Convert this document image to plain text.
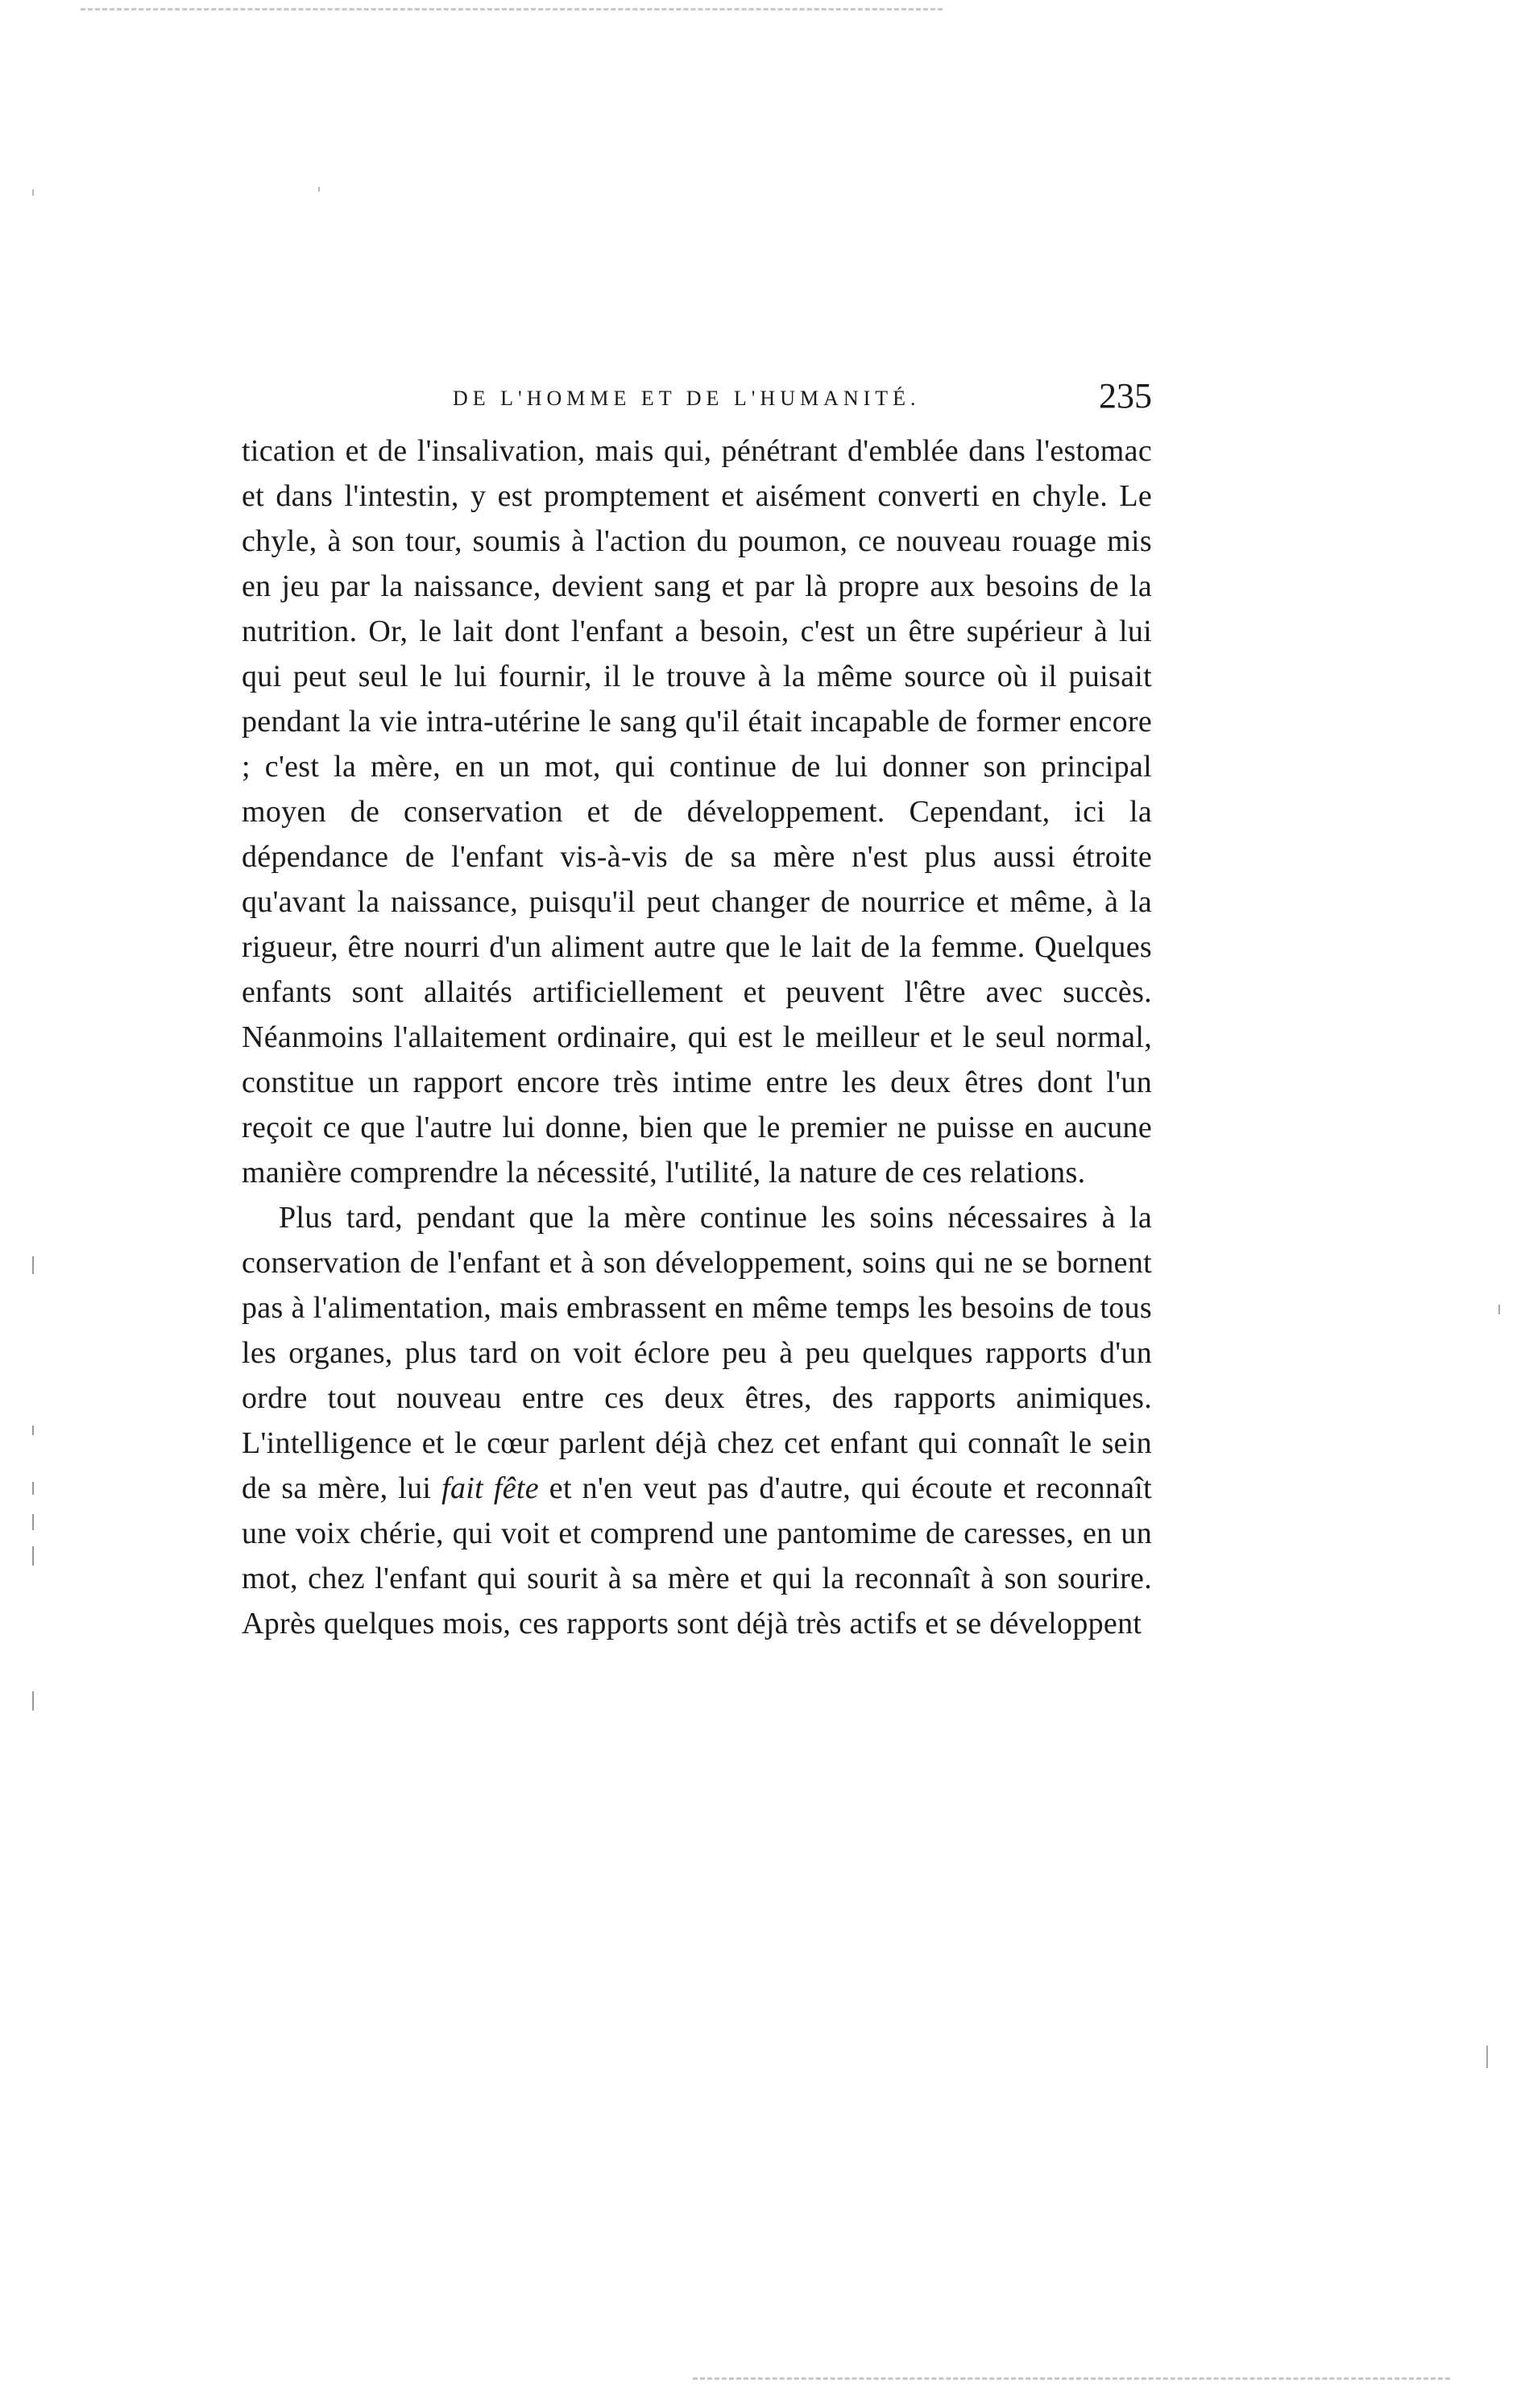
DE L'HOMME ET DE L'HUMANITÉ.	235

tication et de l'insalivation, mais qui, pénétrant d'emblée dans l'estomac et dans l'intestin, y est promptement et aisément converti en chyle. Le chyle, à son tour, soumis à l'action du poumon, ce nouveau rouage mis en jeu par la naissance, devient sang et par là propre aux besoins de la nutrition. Or, le lait dont l'enfant a besoin, c'est un être supérieur à lui qui peut seul le lui fournir, il le trouve à la même source où il puisait pendant la vie intra-utérine le sang qu'il était incapable de former encore ; c'est la mère, en un mot, qui continue de lui donner son principal moyen de conservation et de développement. Cependant, ici la dépendance de l'enfant vis-à-vis de sa mère n'est plus aussi étroite qu'avant la naissance, puisqu'il peut changer de nourrice et même, à la rigueur, être nourri d'un aliment autre que le lait de la femme. Quelques enfants sont allaités artificiellement et peuvent l'être avec succès. Néanmoins l'allaitement ordinaire, qui est le meilleur et le seul normal, constitue un rapport encore très intime entre les deux êtres dont l'un reçoit ce que l'autre lui donne, bien que le premier ne puisse en aucune manière comprendre la nécessité, l'utilité, la nature de ces relations.

Plus tard, pendant que la mère continue les soins nécessaires à la conservation de l'enfant et à son développement, soins qui ne se bornent pas à l'alimentation, mais embrassent en même temps les besoins de tous les organes, plus tard on voit éclore peu à peu quelques rapports d'un ordre tout nouveau entre ces deux êtres, des rapports animiques. L'intelligence et le cœur parlent déjà chez cet enfant qui connaît le sein de sa mère, lui fait fête et n'en veut pas d'autre, qui écoute et reconnaît une voix chérie, qui voit et comprend une pantomime de caresses, en un mot, chez l'enfant qui sourit à sa mère et qui la reconnaît à son sourire. Après quelques mois, ces rapports sont déjà très actifs et se développent
